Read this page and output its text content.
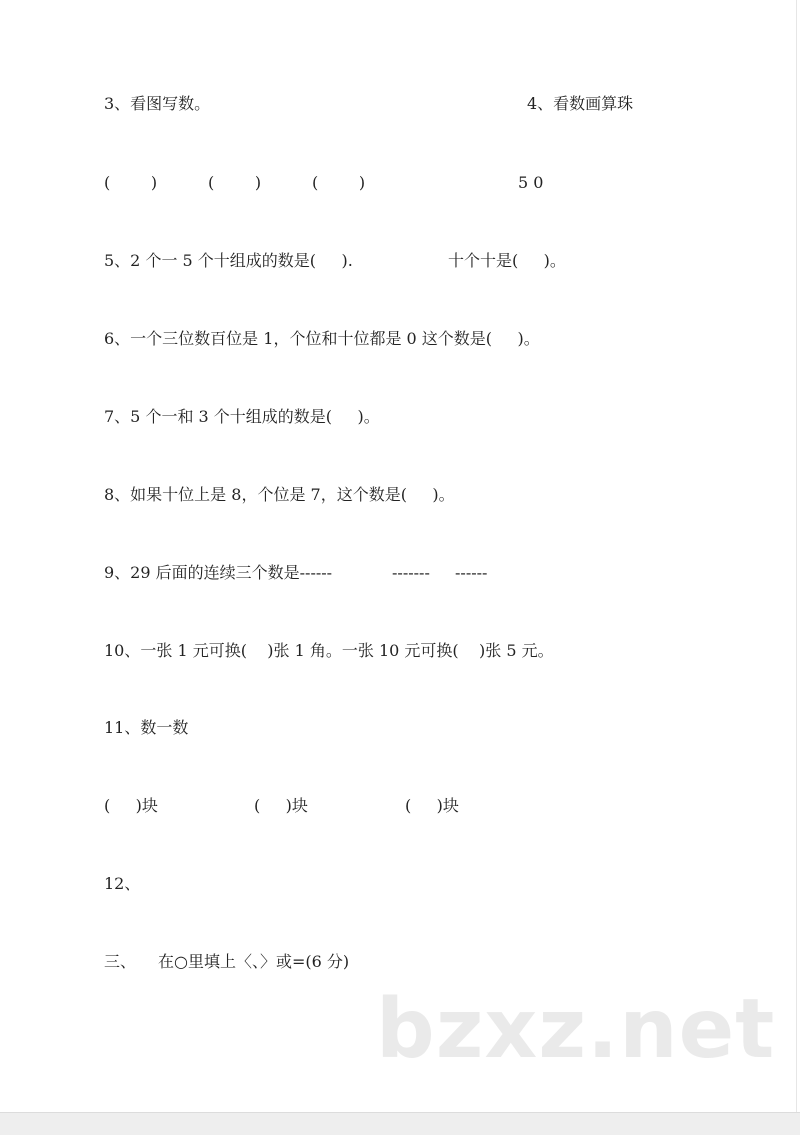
3、看图写数。	4、看数画算珠

(        )	(        )	(        )	5 0

5、2 个一 5 个十组成的数是(     ).	十个十是(     )。

6、一个三位数百位是 1，个位和十位都是 0 这个数是(     )。

7、5 个一和 3 个十组成的数是(     )。

8、如果十位上是 8，个位是 7，这个数是(     )。

9、29 后面的连续三个数是------	------- ------

10、一张 1 元可换(    )张 1 角。一张 10 元可换(    )张 5 元。

11、数一数

(     )块	(     )块	(     )块

12、

三、 在○里填上〈、〉或=(6 分)

bzxz.net
